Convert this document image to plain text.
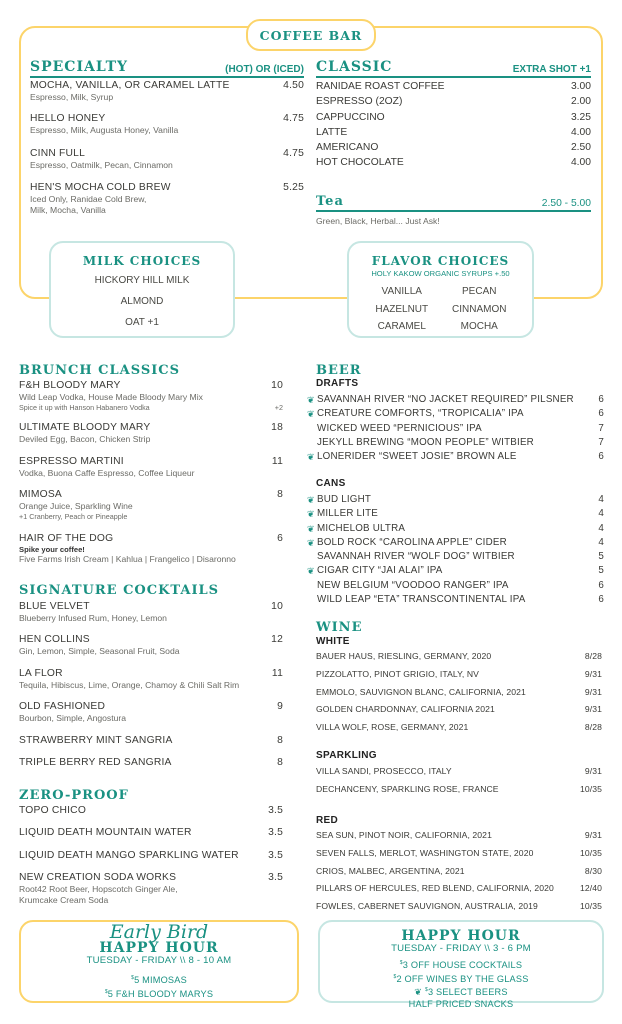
COFFEE BAR
SPECIALTY	(HOT) OR (ICED)
MOCHA, VANILLA, OR CARAMEL LATTE	4.50
Espresso, Milk, Syrup
HELLO HONEY	4.75
Espresso, Milk, Augusta Honey, Vanilla
CINN FULL	4.75
Espresso, Oatmilk, Pecan, Cinnamon
HEN'S MOCHA COLD BREW	5.25
Iced Only, Ranidae Cold Brew,
Milk, Mocha, Vanilla
CLASSIC	EXTRA SHOT +1
RANIDAE ROAST COFFEE	3.00
ESPRESSO (2OZ)	2.00
CAPPUCCINO	3.25
LATTE	4.00
AMERICANO	2.50
HOT CHOCOLATE	4.00
Tea	2.50 - 5.00
Green, Black, Herbal... Just Ask!
MILK CHOICES
HICKORY HILL MILK
ALMOND
OAT +1
FLAVOR CHOICES
HOLY KAKOW ORGANIC SYRUPS +.50
VANILLA	PECAN
HAZELNUT	CINNAMON
CARAMEL	MOCHA
BRUNCH CLASSICS
F&H BLOODY MARY	10
Wild Leap Vodka, House Made Bloody Mary Mix
Spice it up with Hanson Habanero Vodka	+2
ULTIMATE BLOODY MARY	18
Deviled Egg, Bacon, Chicken Strip
ESPRESSO MARTINI	11
Vodka, Buona Caffe Espresso, Coffee Liqueur
MIMOSA	8
Orange Juice, Sparkling Wine
+1 Cranberry, Peach or Pineapple
HAIR OF THE DOG	6
Spike your coffee!
Five Farms Irish Cream | Kahlua | Frangelico | Disaronno
SIGNATURE COCKTAILS
BLUE VELVET	10
Blueberry Infused Rum, Honey, Lemon
HEN COLLINS	12
Gin, Lemon, Simple, Seasonal Fruit, Soda
LA FLOR	11
Tequila, Hibiscus, Lime, Orange, Chamoy & Chili Salt Rim
OLD FASHIONED	9
Bourbon, Simple, Angostura
STRAWBERRY MINT SANGRIA	8
TRIPLE BERRY RED SANGRIA	8
ZERO-PROOF
TOPO CHICO	3.5
LIQUID DEATH MOUNTAIN WATER	3.5
LIQUID DEATH MANGO SPARKLING WATER	3.5
NEW CREATION SODA WORKS	3.5
Root42 Root Beer, Hopscotch Ginger Ale,
Krumcake Cream Soda
BEER
DRAFTS
❦ SAVANNAH RIVER “NO JACKET REQUIRED” PILSNER	6
❦ CREATURE COMFORTS, “TROPICALIA” IPA	6
WICKED WEED “PERNICIOUS” IPA	7
JEKYLL BREWING “MOON PEOPLE” WITBIER	7
❦ LONERIDER “SWEET JOSIE” BROWN ALE	6
CANS
❦ BUD LIGHT	4
❦ MILLER LITE	4
❦ MICHELOB ULTRA	4
❦ BOLD ROCK “CAROLINA APPLE” CIDER	4
SAVANNAH RIVER “WOLF DOG” WITBIER	5
❦ CIGAR CITY “JAI ALAI” IPA	5
NEW BELGIUM “VOODOO RANGER” IPA	6
WILD LEAP “ETA” TRANSCONTINENTAL IPA	6
WINE
WHITE
BAUER HAUS, RIESLING, GERMANY, 2020	8/28
PIZZOLATTO, PINOT GRIGIO, ITALY, NV	9/31
EMMOLO, SAUVIGNON BLANC, CALIFORNIA, 2021	9/31
GOLDEN CHARDONNAY, CALIFORNIA 2021	9/31
VILLA WOLF, ROSE, GERMANY, 2021	8/28
SPARKLING
VILLA SANDI, PROSECCO, ITALY	9/31
DECHANCENY, SPARKLING ROSE, FRANCE	10/35
RED
SEA SUN, PINOT NOIR, CALIFORNIA, 2021	9/31
SEVEN FALLS, MERLOT, WASHINGTON STATE, 2020	10/35
CRIOS, MALBEC, ARGENTINA, 2021	8/30
PILLARS OF HERCULES, RED BLEND, CALIFORNIA, 2020	12/40
FOWLES, CABERNET SAUVIGNON, AUSTRALIA, 2019	10/35
Early Bird
HAPPY HOUR
TUESDAY - FRIDAY \\ 8 - 10 AM
$5 MIMOSAS
$5 F&H BLOODY MARYS
HAPPY HOUR
TUESDAY - FRIDAY \\ 3 - 6 PM
$3 OFF HOUSE COCKTAILS
$2 OFF WINES BY THE GLASS
❦ $3 SELECT BEERS
HALF PRICED SNACKS
